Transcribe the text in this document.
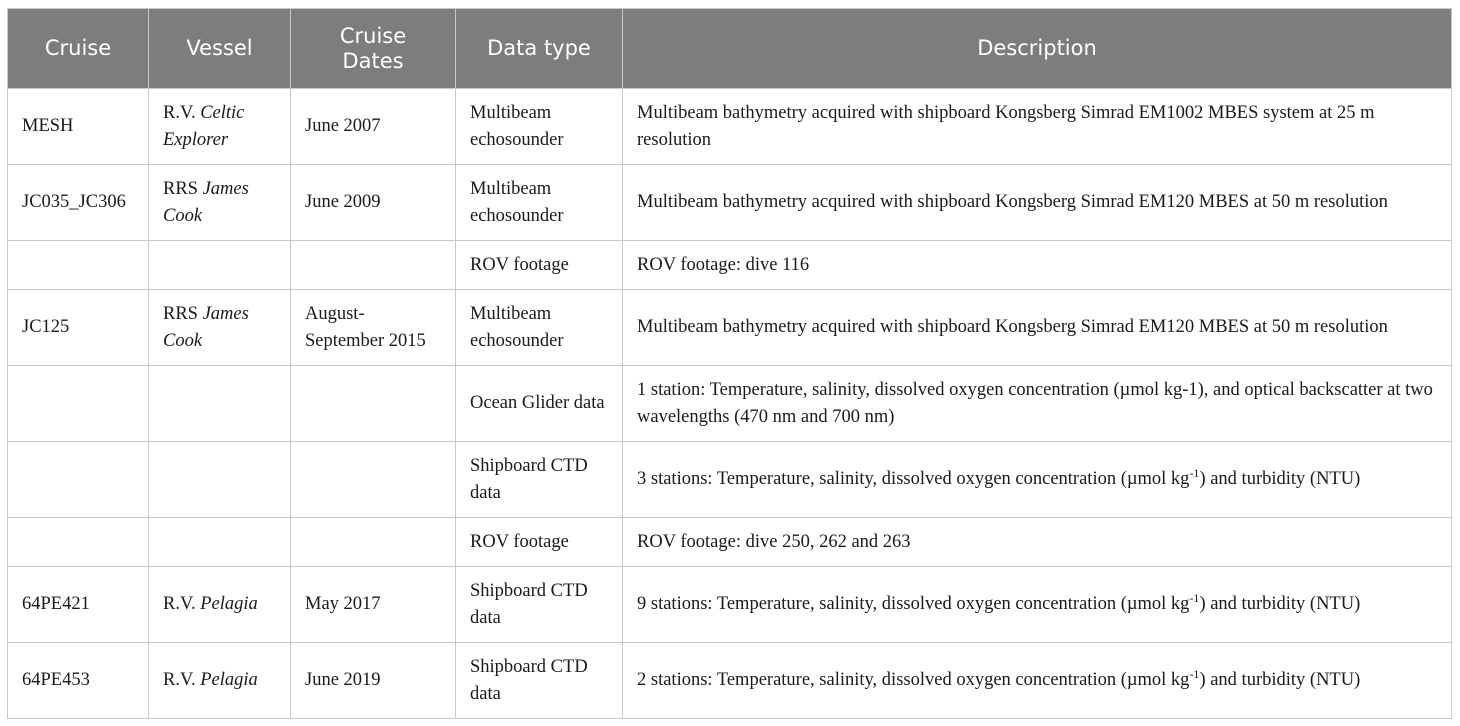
Cruise	Vessel	Cruise Dates	Data type	Description
MESH	R.V. Celtic Explorer	June 2007	Multibeam echosounder	Multibeam bathymetry acquired with shipboard Kongsberg Simrad EM1002 MBES system at 25 m resolution
JC035_JC306	RRS James Cook	June 2009	Multibeam echosounder	Multibeam bathymetry acquired with shipboard Kongsberg Simrad EM120 MBES at 50 m resolution
			ROV footage	ROV footage: dive 116
JC125	RRS James Cook	August-September 2015	Multibeam echosounder	Multibeam bathymetry acquired with shipboard Kongsberg Simrad EM120 MBES at 50 m resolution
			Ocean Glider data	1 station: Temperature, salinity, dissolved oxygen concentration (µmol kg-1), and optical backscatter at two wavelengths (470 nm and 700 nm)
			Shipboard CTD data	3 stations: Temperature, salinity, dissolved oxygen concentration (µmol $kg^{-1}$) and turbidity (NTU)
			ROV footage	ROV footage: dive 250, 262 and 263
64PE421	R.V. Pelagia	May 2017	Shipboard CTD data	9 stations: Temperature, salinity, dissolved oxygen concentration (µmol $kg^{-1}$) and turbidity (NTU)
64PE453	R.V. Pelagia	June 2019	Shipboard CTD data	2 stations: Temperature, salinity, dissolved oxygen concentration (µmol $kg^{-1}$) and turbidity (NTU)
